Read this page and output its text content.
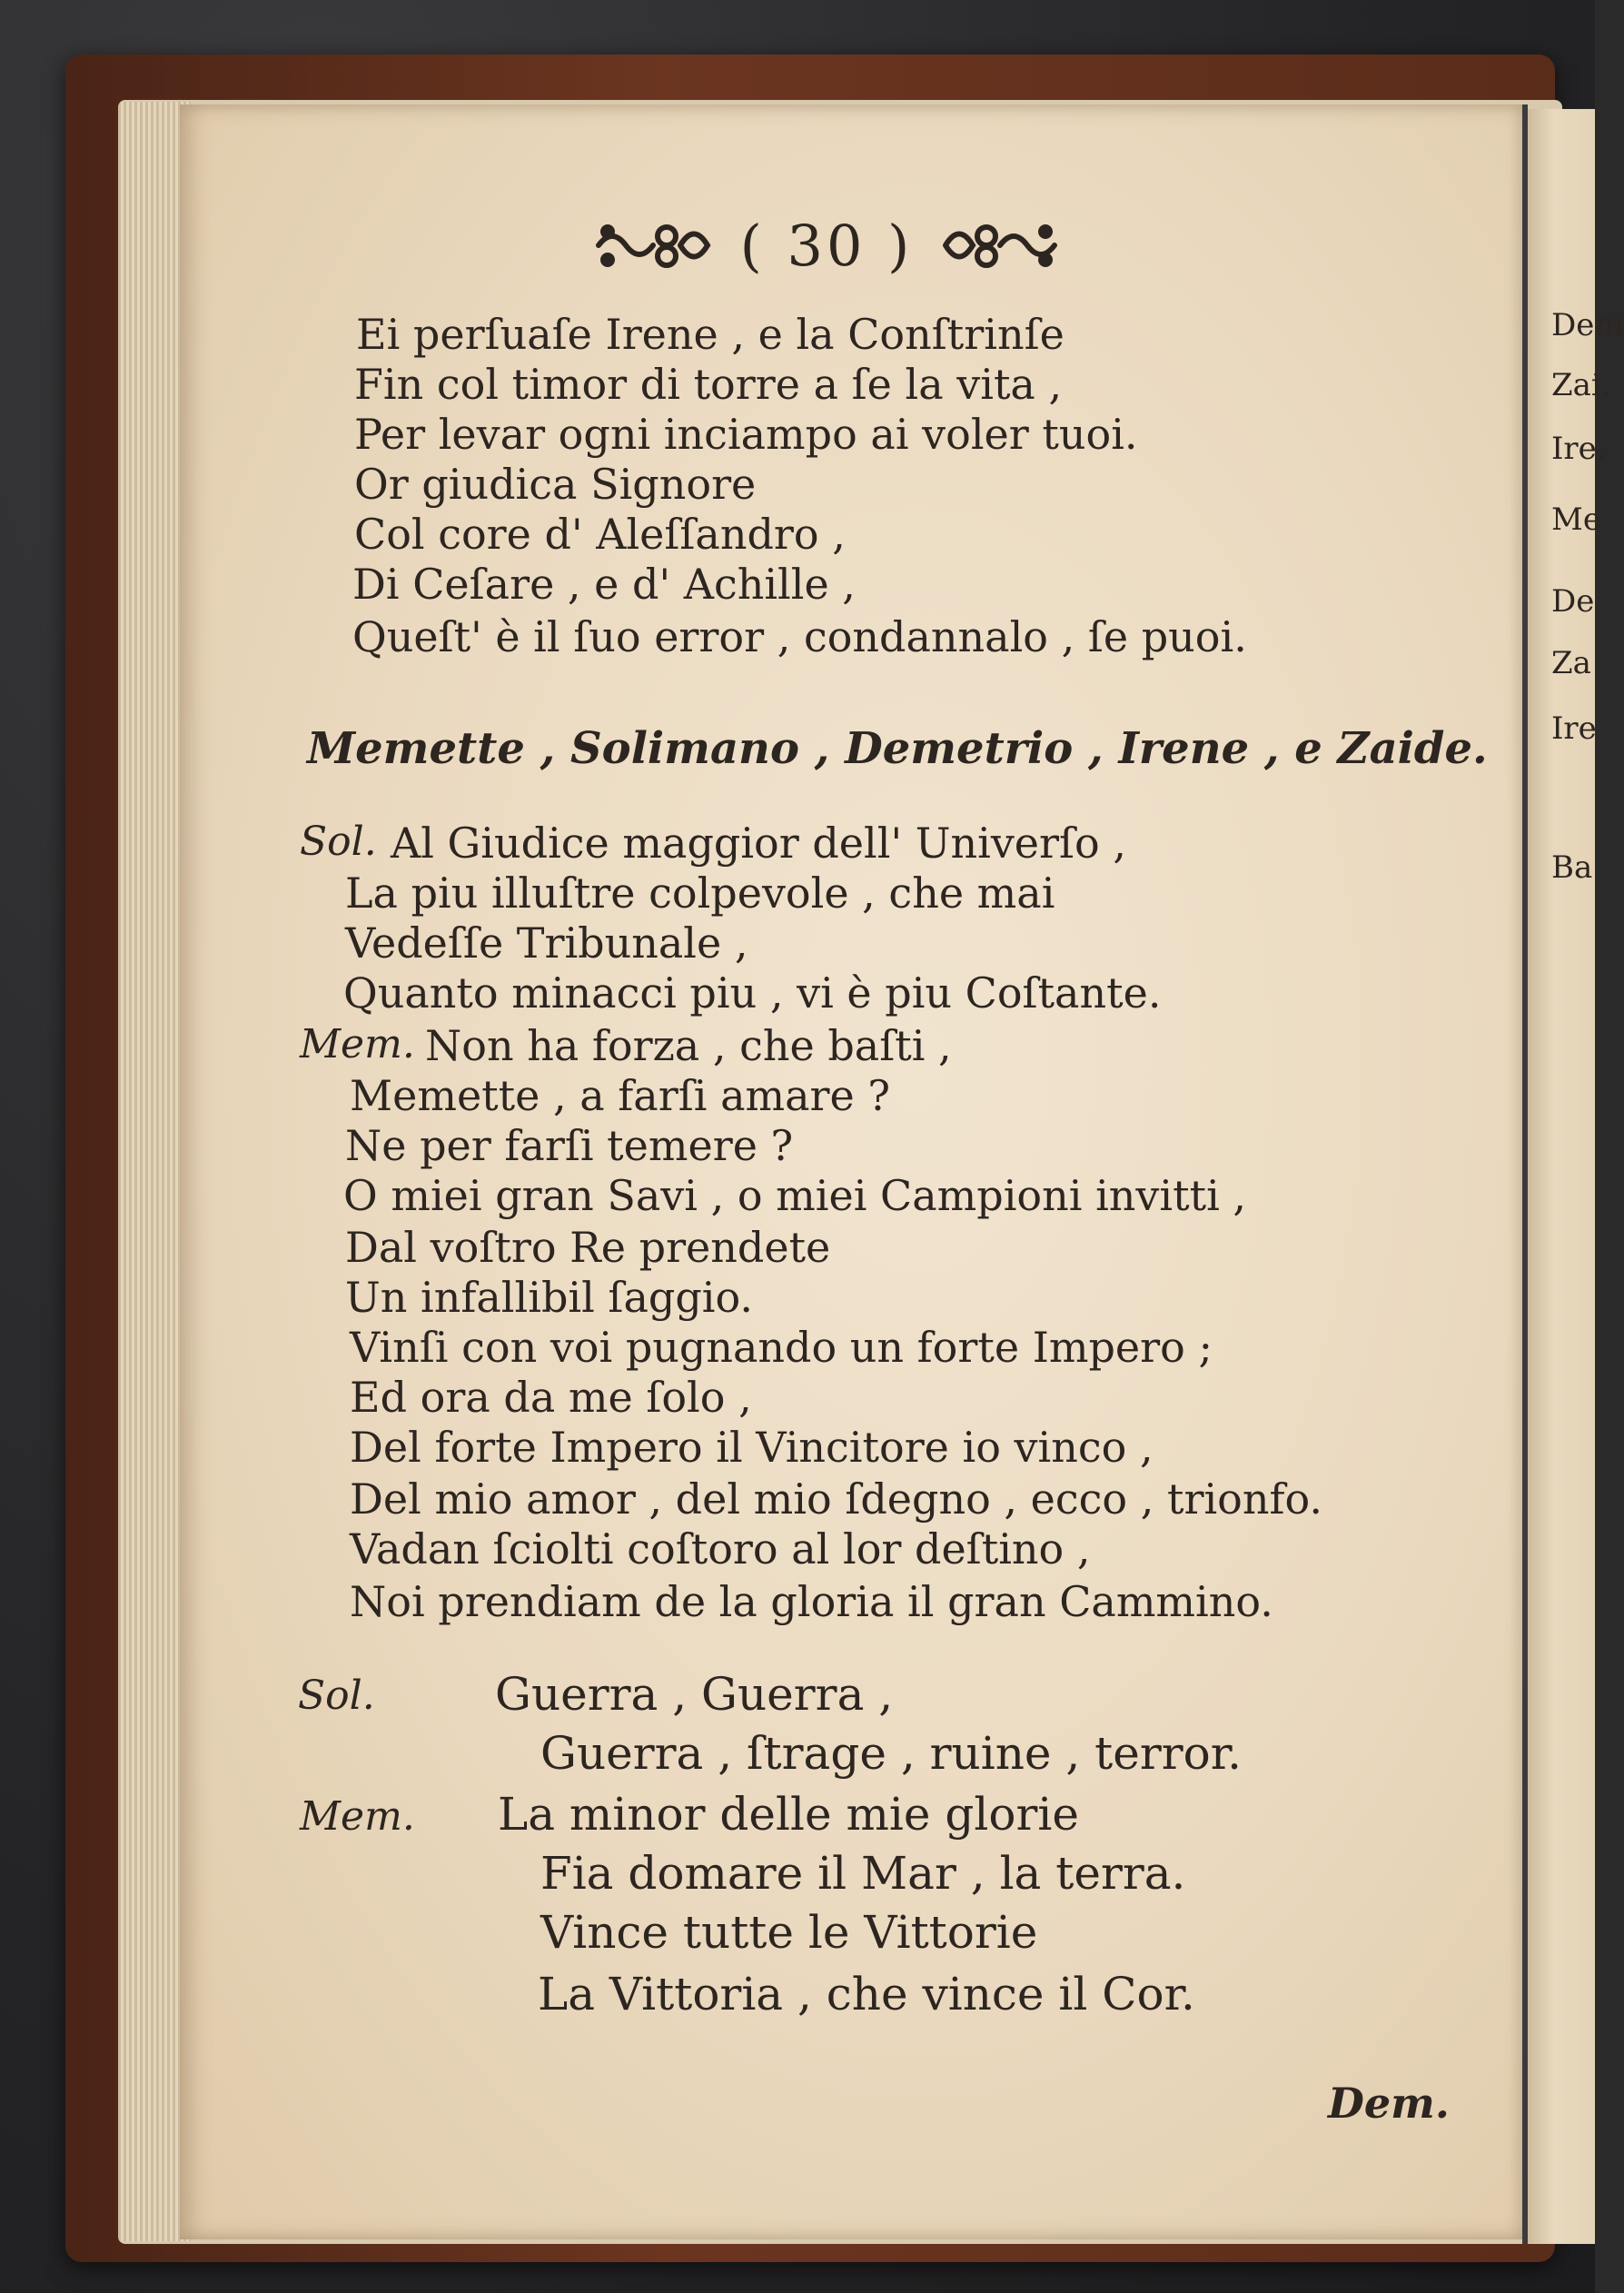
( 30 )
Ei perſuaſe Irene , e la Conſtrinſe
Fin col timor di torre a ſe la vita ,
Per levar ogni inciampo ai voler tuoi.
Or giudica Signore
Col core d' Aleſſandro ,
Di Ceſare , e d' Achille ,
Queſt' è il ſuo error , condannalo , ſe puoi.
Memette , Solimano , Demetrio , Irene , e Zaide.
Sol. Al Giudice maggior dell' Univerſo ,
La piu illuſtre colpevole , che mai
Vedeſſe Tribunale ,
Quanto minacci piu , vi è piu Coſtante.
Mem. Non ha forza , che baſti ,
Memette , a farſi amare ?
Ne per farſi temere ?
O miei gran Savi , o miei Campioni invitti ,
Dal voſtro Re prendete
Un infallibil ſaggio.
Vinſi con voi pugnando un forte Impero ;
Ed ora da me ſolo ,
Del forte Impero il Vincitore io vinco ,
Del mio amor , del mio ſdegno , ecco , trionfo.
Vadan ſciolti coſtoro al lor deſtino ,
Noi prendiam de la gloria il gran Cammino.
Sol.	Guerra , Guerra ,
Guerra , ſtrage , ruine , terror.
Mem. La minor delle mie glorie
Fia domare il Mar , la terra.
Vince tutte le Vittorie
La Vittoria , che vince il Cor.
Dem.
Dem
Zai.
Ire.
Me
De
Za
Ire
Ba
